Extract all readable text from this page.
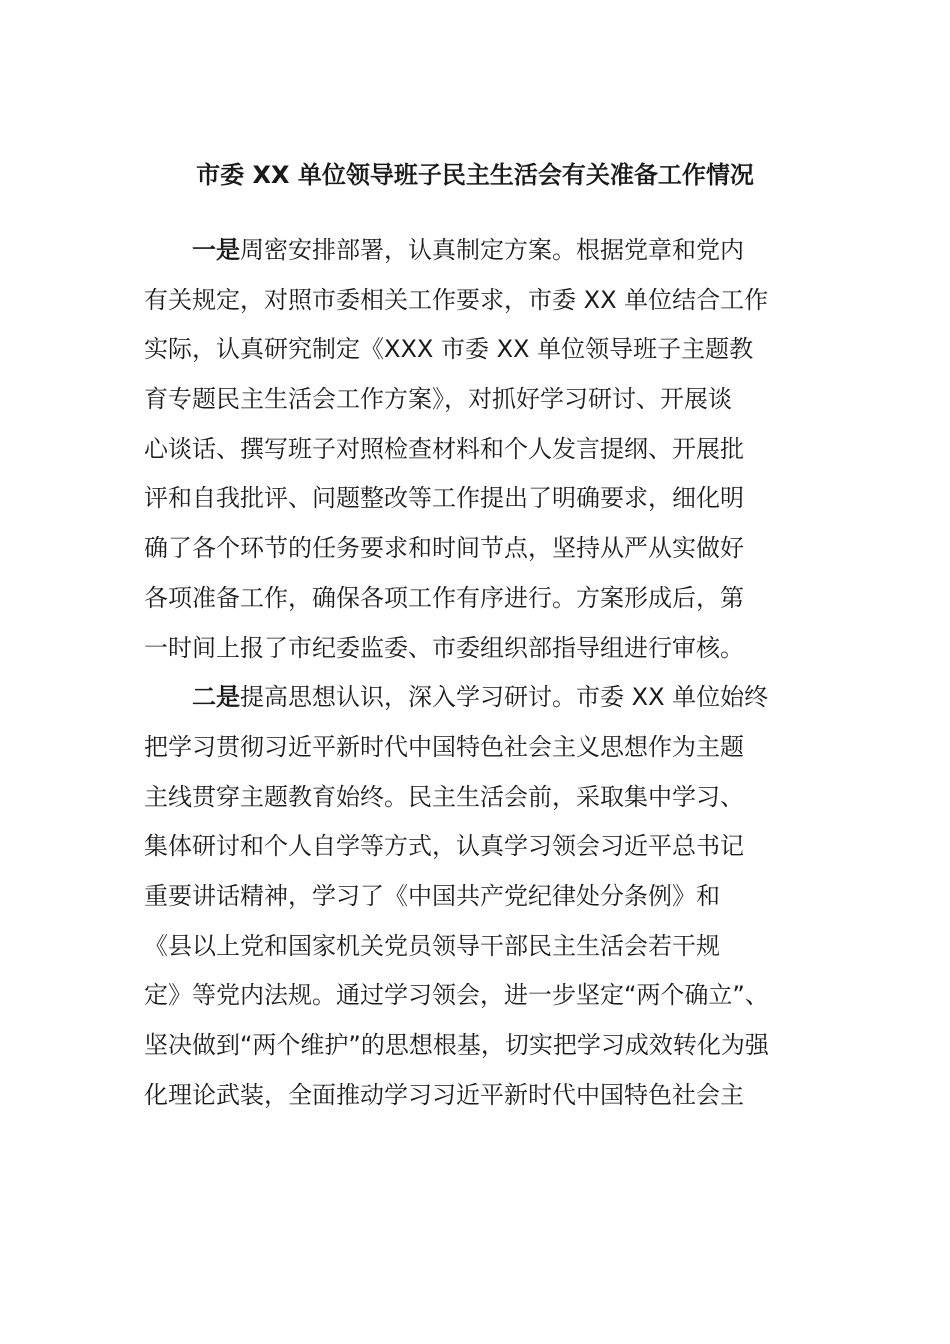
市委 XX 单位领导班子民主生活会有关准备工作情况
一是周密安排部署，认真制定方案。根据党章和党内
有关规定，对照市委相关工作要求，市委 XX 单位结合工作
实际，认真研究制定《XXX 市委 XX 单位领导班子主题教
育专题民主生活会工作方案》，对抓好学习研讨、开展谈
心谈话、撰写班子对照检查材料和个人发言提纲、开展批
评和自我批评、问题整改等工作提出了明确要求，细化明
确了各个环节的任务要求和时间节点，坚持从严从实做好
各项准备工作，确保各项工作有序进行。方案形成后，第
一时间上报了市纪委监委、市委组织部指导组进行审核。
二是提高思想认识，深入学习研讨。市委 XX 单位始终
把学习贯彻习近平新时代中国特色社会主义思想作为主题
主线贯穿主题教育始终。民主生活会前，采取集中学习、
集体研讨和个人自学等方式，认真学习领会习近平总书记
重要讲话精神，学习了《中国共产党纪律处分条例》和
《县以上党和国家机关党员领导干部民主生活会若干规
定》等党内法规。通过学习领会，进一步坚定“两个确立”、
坚决做到“两个维护”的思想根基，切实把学习成效转化为强
化理论武装，全面推动学习习近平新时代中国特色社会主
